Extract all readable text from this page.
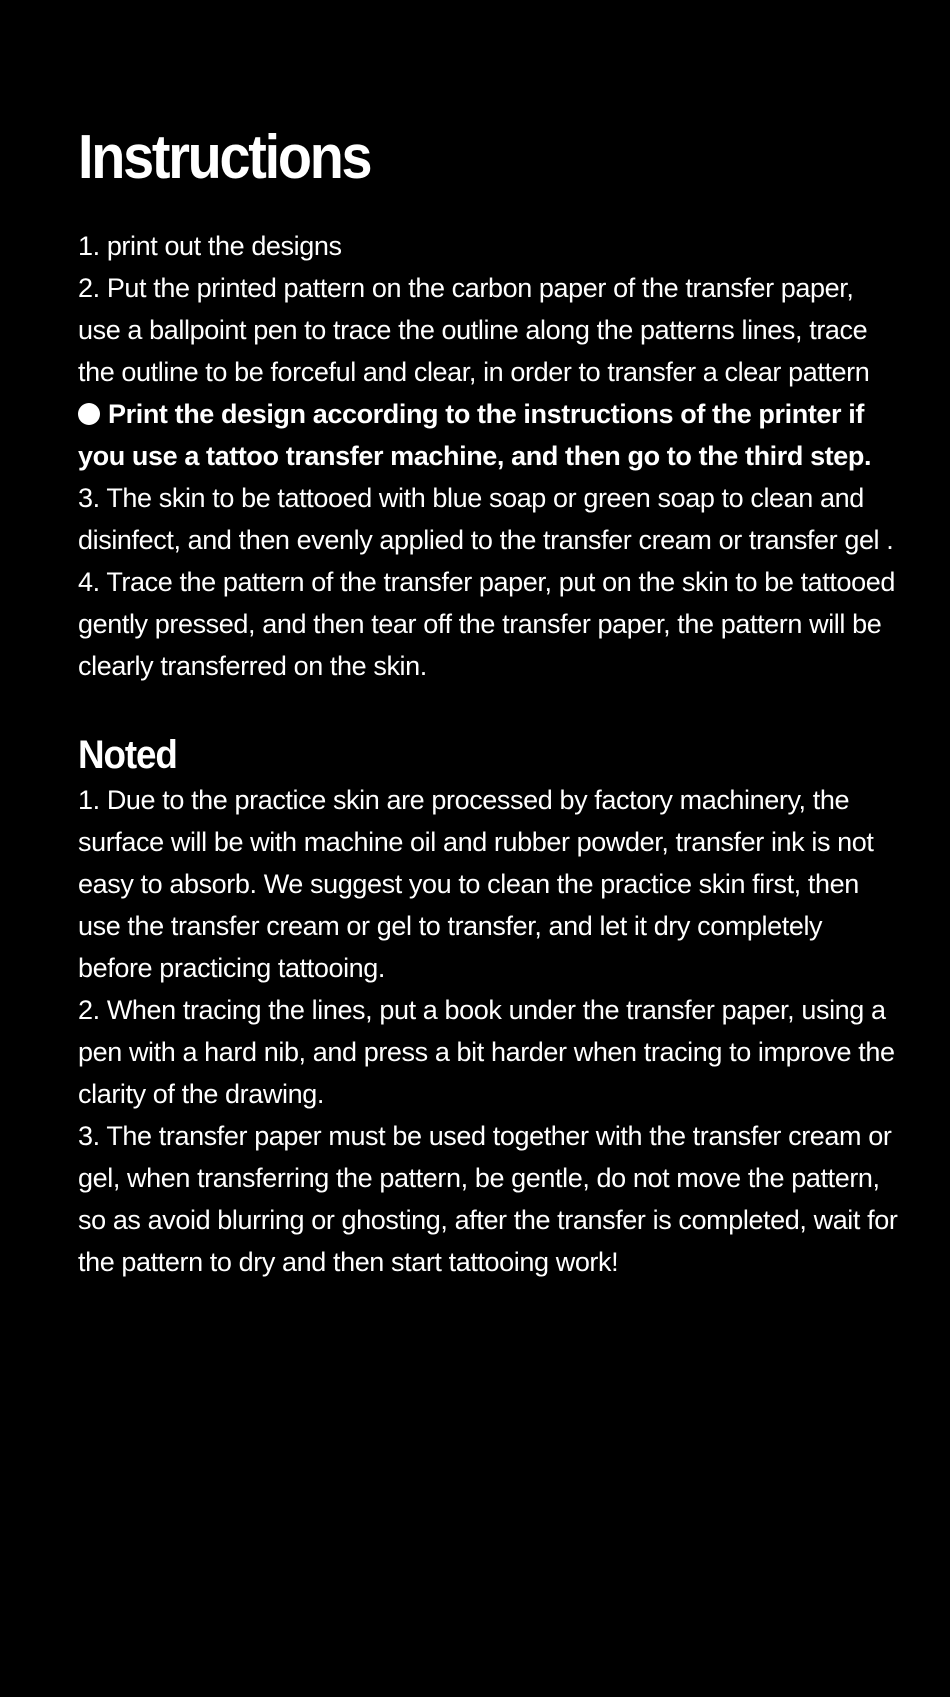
Instructions

1. print out the designs

2. Put the printed pattern on the carbon paper of the transfer paper, use a ballpoint pen to trace the outline along the patterns lines, trace the outline to be forceful and clear, in order to transfer a clear pattern

Print the design according to the instructions of the printer if you use a tattoo transfer machine, and then go to the third step.

3. The skin to be tattooed with blue soap or green soap to clean and disinfect, and then evenly applied to the transfer cream or transfer gel .

4. Trace the pattern of the transfer paper, put on the skin to be tattooed gently pressed, and then tear off the transfer paper, the pattern will be clearly transferred on the skin.

Noted

1. Due to the practice skin are processed by factory machinery, the surface will be with machine oil and rubber powder, transfer ink is not easy to absorb. We suggest you to clean the practice skin first, then use the transfer cream or gel to transfer, and let it dry completely before practicing tattooing.

2. When tracing the lines, put a book under the transfer paper, using a pen with a hard nib, and press a bit harder when tracing to improve the clarity of the drawing.

3. The transfer paper must be used together with the transfer cream or gel, when transferring the pattern, be gentle, do not move the pattern, so as avoid blurring or ghosting, after the transfer is completed, wait for the pattern to dry and then start tattooing work!
